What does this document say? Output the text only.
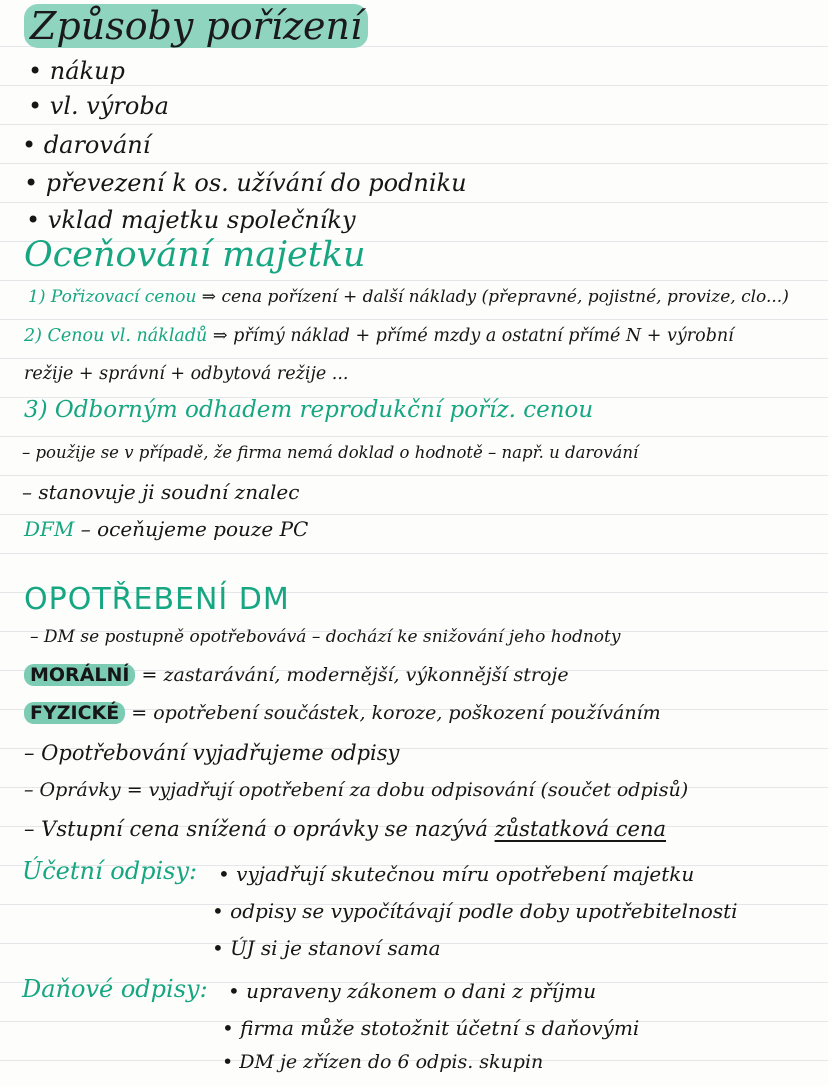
Způsoby pořízení
• nákup
• vl. výroba
• darování
• převezení k os. užívání do podniku
• vklad majetku společníky
Oceňování majetku
1) Pořizovací cenou ⇒ cena pořízení + další náklady (přepravné, pojistné, provize, clo...)
2) Cenou vl. nákladů ⇒ přímý náklad + přímé mzdy a ostatní přímé N + výrobní
režije + správní + odbytová režije ...
3) Odborným odhadem reprodukční poříz. cenou
– použije se v případě, že firma nemá doklad o hodnotě – např. u darování
– stanovuje ji soudní znalec
DFM – oceňujeme pouze PC
OPOTŘEBENÍ DM
– DM se postupně opotřebovává – dochází ke snižování jeho hodnoty
MORÁLNÍ = zastarávání, modernější, výkonnější stroje
FYZICKÉ = opotřebení součástek, koroze, poškození používáním
– Opotřebování vyjadřujeme odpisy
– Oprávky = vyjadřují opotřebení za dobu odpisování (součet odpisů)
– Vstupní cena snížená o oprávky se nazývá zůstatková cena
Účetní odpisy: • vyjadřují skutečnou míru opotřebení majetku
• odpisy se vypočítávají podle doby upotřebitelnosti
• ÚJ si je stanoví sama
Daňové odpisy: • upraveny zákonem o dani z příjmu
• firma může stotožnit účetní s daňovými
• DM je zřízen do 6 odpis. skupin
